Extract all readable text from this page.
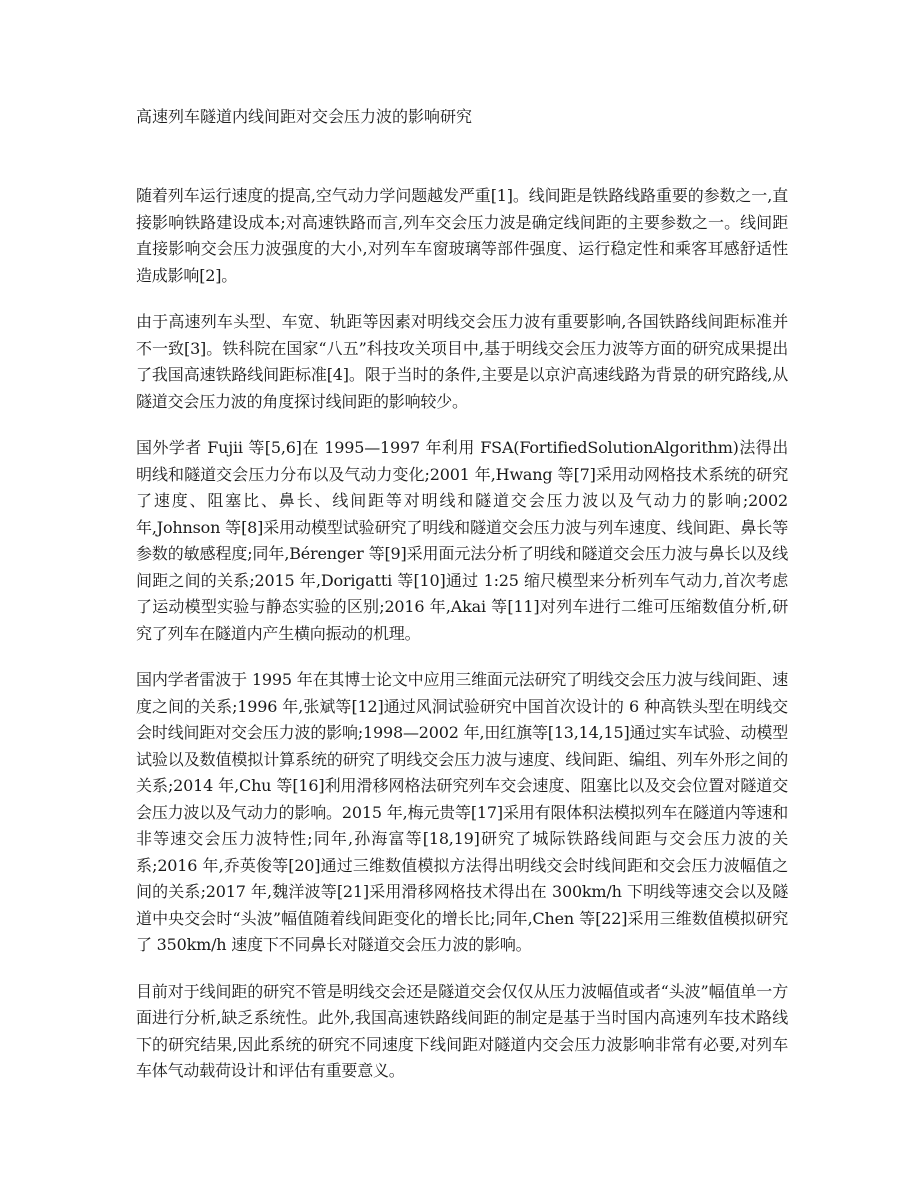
高速列车隧道内线间距对交会压力波的影响研究

随着列车运行速度的提高,空气动力学问题越发严重[1]。线间距是铁路线路重要的参数之一,直接影响铁路建设成本;对高速铁路而言,列车交会压力波是确定线间距的主要参数之一。线间距直接影响交会压力波强度的大小,对列车车窗玻璃等部件强度、运行稳定性和乘客耳感舒适性造成影响[2]。

由于高速列车头型、车宽、轨距等因素对明线交会压力波有重要影响,各国铁路线间距标准并不一致[3]。铁科院在国家“八五”科技攻关项目中,基于明线交会压力波等方面的研究成果提出了我国高速铁路线间距标准[4]。限于当时的条件,主要是以京沪高速线路为背景的研究路线,从隧道交会压力波的角度探讨线间距的影响较少。

国外学者 Fujii 等[5,6]在 1995—1997 年利用 FSA(FortifiedSolutionAlgorithm)法得出明线和隧道交会压力分布以及气动力变化;2001 年,Hwang 等[7]采用动网格技术系统的研究了速度、阻塞比、鼻长、线间距等对明线和隧道交会压力波以及气动力的影响;2002 年,Johnson 等[8]采用动模型试验研究了明线和隧道交会压力波与列车速度、线间距、鼻长等参数的敏感程度;同年,Bérenger 等[9]采用面元法分析了明线和隧道交会压力波与鼻长以及线间距之间的关系;2015 年,Dorigatti 等[10]通过 1:25 缩尺模型来分析列车气动力,首次考虑了运动模型实验与静态实验的区别;2016 年,Akai 等[11]对列车进行二维可压缩数值分析,研究了列车在隧道内产生横向振动的机理。

国内学者雷波于 1995 年在其博士论文中应用三维面元法研究了明线交会压力波与线间距、速度之间的关系;1996 年,张斌等[12]通过风洞试验研究中国首次设计的 6 种高铁头型在明线交会时线间距对交会压力波的影响;1998—2002 年,田红旗等[13,14,15]通过实车试验、动模型试验以及数值模拟计算系统的研究了明线交会压力波与速度、线间距、编组、列车外形之间的关系;2014 年,Chu 等[16]利用滑移网格法研究列车交会速度、阻塞比以及交会位置对隧道交会压力波以及气动力的影响。2015 年,梅元贵等[17]采用有限体积法模拟列车在隧道内等速和非等速交会压力波特性;同年,孙海富等[18,19]研究了城际铁路线间距与交会压力波的关系;2016 年,乔英俊等[20]通过三维数值模拟方法得出明线交会时线间距和交会压力波幅值之间的关系;2017 年,魏洋波等[21]采用滑移网格技术得出在 300km/h 下明线等速交会以及隧道中央交会时“头波”幅值随着线间距变化的增长比;同年,Chen 等[22]采用三维数值模拟研究了 350km/h 速度下不同鼻长对隧道交会压力波的影响。

目前对于线间距的研究不管是明线交会还是隧道交会仅仅从压力波幅值或者“头波”幅值单一方面进行分析,缺乏系统性。此外,我国高速铁路线间距的制定是基于当时国内高速列车技术路线下的研究结果,因此系统的研究不同速度下线间距对隧道内交会压力波影响非常有必要,对列车车体气动载荷设计和评估有重要意义。
